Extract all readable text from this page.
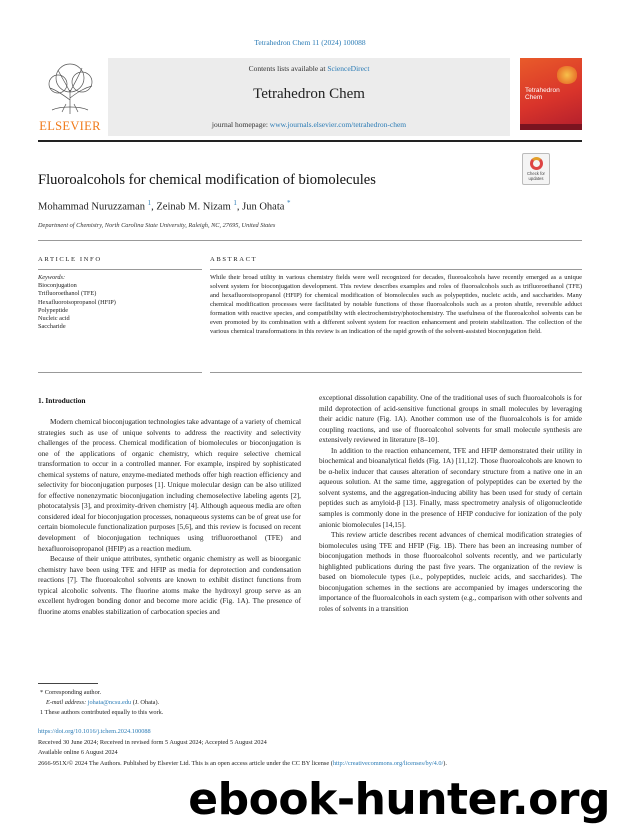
Tetrahedron Chem 11 (2024) 100088
ELSEVIER
Contents lists available at ScienceDirect
Tetrahedron Chem
journal homepage: www.journals.elsevier.com/tetrahedron-chem
Tetrahedron
Chem
Fluoroalcohols for chemical modification of biomolecules	Check for
updates
Mohammad Nuruzzaman $^1$, Zeinab M. Nizam $^1$, Jun Ohata *
Department of Chemistry, North Carolina State University, Raleigh, NC, 27695, United States
ARTICLE INFO	ABSTRACT
Keywords:
Bioconjugation
Trifluoroethanol (TFE)
Hexafluoroisopropanol (HFIP)
Polypeptide
Nucleic acid
Saccharide
While their broad utility in various chemistry fields were well recognized for decades, fluoroalcohols have recently emerged as a unique solvent system for bioconjugation development. This review describes examples and roles of fluoroalcohols such as trifluoroethanol (TFE) and hexafluoroisopropanol (HFIP) for chemical modification of biomolecules such as polypeptides, nucleic acids, and saccharides. Many chemical modification processes were facilitated by notable functions of those fluoroalcohols such as a proton shuttle, reversible adduct formation with reactive species, and compatibility with electrochemistry/photochemistry. The usefulness of the fluoroalcohol solvents can be even promoted by its combination with a different solvent system for reaction enhancement and protein stabilization. The collection of the various chemical transformations in this review is an indication of the rapid growth of the solvent-assisted bioconjugation field.
1. Introduction

Modern chemical bioconjugation technologies take advantage of a variety of chemical strategies such as use of unique solvents to address the reactivity and selectivity challenges of the process. Chemical modification of biomolecules or bioconjugation is one of the applications of organic chemistry, which require selective chemical transformation to occur in a controlled manner. For example, inspired by sophisticated chemical systems of nature, enzyme-mediated methods offer high reaction efficiency and selectivity for bioconjugation purposes [1]. Unique molecular design can be also utilized for effective nonenzymatic bioconjugation including chemoselective labeling agents [2], photocatalysis [3], and proximity-driven chemistry [4]. Although aqueous media are often considered ideal for bioconjugation processes, nonaqueous systems can be of great use for certain biomolecule functionalization purposes [5,6], and this review is focused on recent development of bioconjugation techniques using trifluoroethanol (TFE) and hexafluoroisopropanol (HFIP) as a reaction medium.

Because of their unique attributes, synthetic organic chemistry as well as bioorganic chemistry have been using TFE and HFIP as media for deprotection and condensation reactions [7]. The fluoroalcohol solvents are known to exhibit distinct functions from typical alcoholic solvents. The fluorine atoms make the hydroxyl group serve as an excellent hydrogen bonding donor and become more acidic (Fig. 1A). The presence of fluorine atoms enables stabilization of carbocation species and

exceptional dissolution capability. One of the traditional uses of such fluoroalcohols is for mild deprotection of acid-sensitive functional groups in small molecules by leveraging their acidic nature (Fig. 1A). Another common use of the fluoroalcohols is for amide coupling reactions, and use of fluoroalcohol solvents for small molecule synthesis are extensively reviewed in literature [8–10].

In addition to the reaction enhancement, TFE and HFIP demonstrated their utility in biochemical and bioanalytical fields (Fig. 1A) [11,12]. Those fluoroalcohols are known to be α-helix inducer that causes alteration of secondary structure from a native one in an aqueous solution. At the same time, aggregation of polypeptides can be exerted by the solvent systems, and the aggregation-inducing ability has been used for study of certain peptides such as amyloid-β [13]. Finally, mass spectrometry analysis of oligonucleotide samples is commonly done in the presence of HFIP conducive for ionization of the poly anionic biomolecules [14,15].

This review article describes recent advances of chemical modification strategies of biomolecules using TFE and HFIP (Fig. 1B). There has been an increasing number of bioconjugation methods in those fluoroalcohol solvents recently, and we particularly highlighted publications during the past five years. The organization of the review is based on biomolecule types (i.e., polypeptides, nucleic acids, and saccharides). The bioconjugation schemes in the sections are accompanied by images underscoring the importance of the fluoroalcohols in each system (e.g., comparison with other solvents and roles of solvents in a transition

* Corresponding author.
E-mail address: johata@ncsu.edu (J. Ohata).
1 These authors contributed equally to this work.
https://doi.org/10.1016/j.tchem.2024.100088
Received 30 June 2024; Received in revised form 5 August 2024; Accepted 5 August 2024
Available online 6 August 2024
2666-951X/© 2024 The Authors. Published by Elsevier Ltd. This is an open access article under the CC BY license (http://creativecommons.org/licenses/by/4.0/).
ebook-hunter.org
